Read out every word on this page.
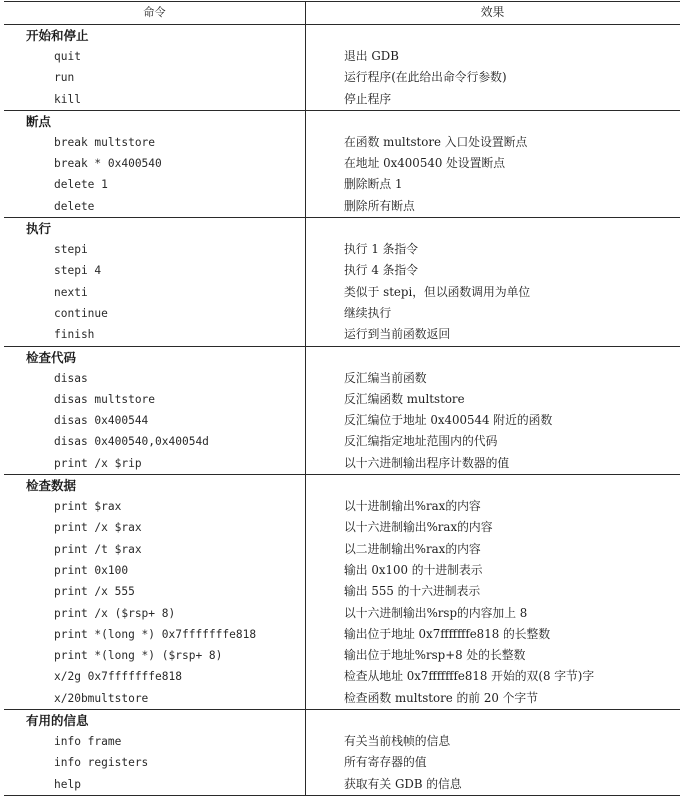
命令	效果
开始和停止
quit	退出 GDB
run	运行程序(在此给出命令行参数)
kill	停止程序
断点
break multstore	在函数 multstore 入口处设置断点
break * 0x400540	在地址 0x400540 处设置断点
delete 1	删除断点 1
delete	删除所有断点
执行
stepi	执行 1 条指令
stepi 4	执行 4 条指令
nexti	类似于 stepi，但以函数调用为单位
continue	继续执行
finish	运行到当前函数返回
检查代码
disas	反汇编当前函数
disas multstore	反汇编函数 multstore
disas 0x400544	反汇编位于地址 0x400544 附近的函数
disas 0x400540,0x40054d	反汇编指定地址范围内的代码
print /x $rip	以十六进制输出程序计数器的值
检查数据
print $rax	以十进制输出%rax的内容
print /x $rax	以十六进制输出%rax的内容
print /t $rax	以二进制输出%rax的内容
print 0x100	输出 0x100 的十进制表示
print /x 555	输出 555 的十六进制表示
print /x ($rsp+ 8)	以十六进制输出%rsp的内容加上 8
print *(long *) 0x7fffffffe818	输出位于地址 0x7fffffffe818 的长整数
print *(long *) ($rsp+ 8)	输出位于地址%rsp+8 处的长整数
x/2g 0x7fffffffe818	检查从地址 0x7fffffffe818 开始的双(8 字节)字
x/20bmultstore	检查函数 multstore 的前 20 个字节
有用的信息
info frame	有关当前栈帧的信息
info registers	所有寄存器的值
help	获取有关 GDB 的信息
